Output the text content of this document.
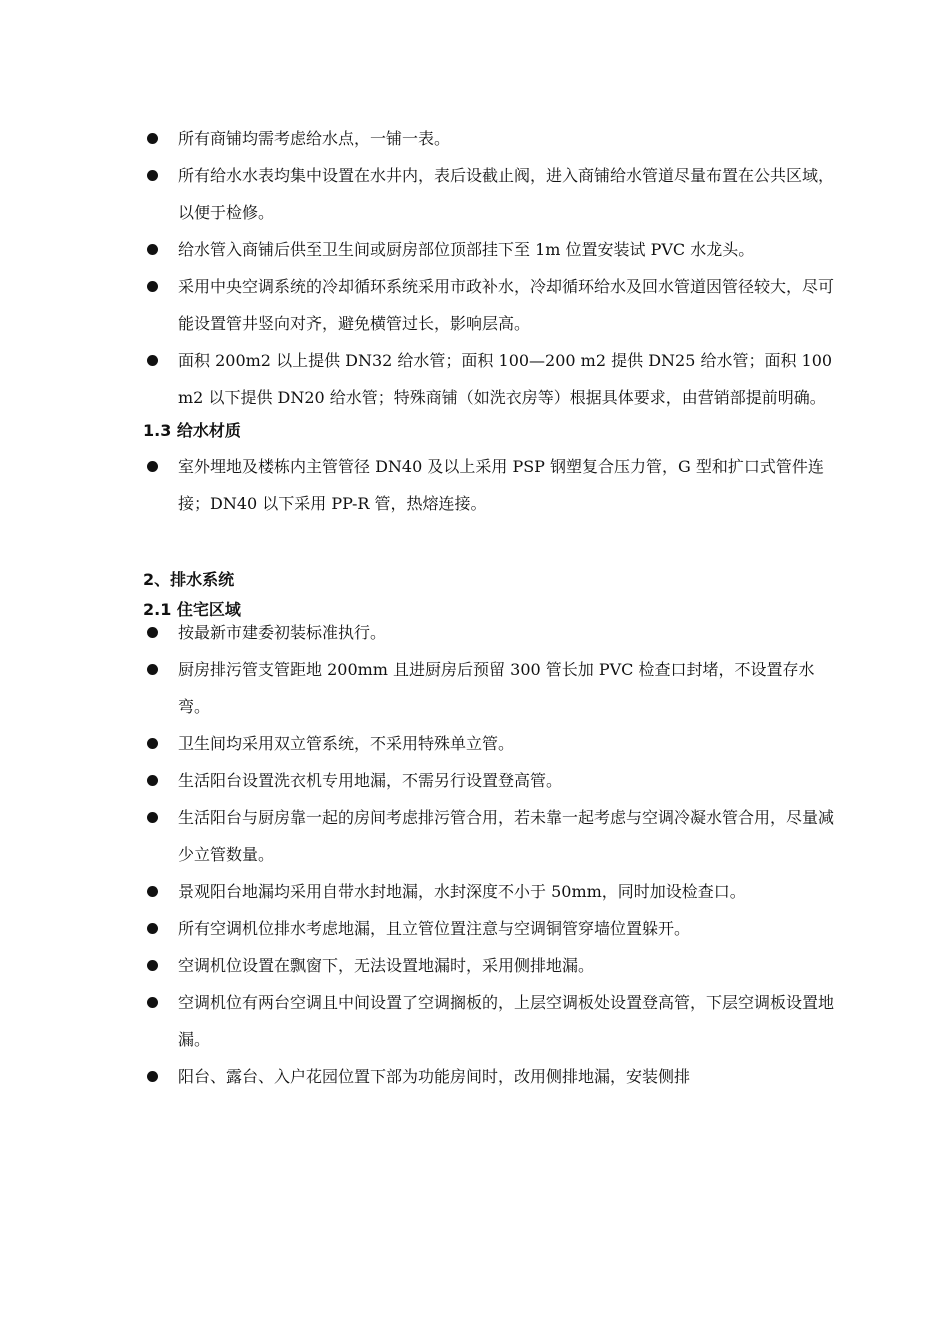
所有商铺均需考虑给水点，一铺一表。

所有给水水表均集中设置在水井内，表后设截止阀，进入商铺给水管道尽量布置在公共区域，以便于检修。

给水管入商铺后供至卫生间或厨房部位顶部挂下至 1m 位置安装试 PVC 水龙头。

采用中央空调系统的冷却循环系统采用市政补水，冷却循环给水及回水管道因管径较大，尽可能设置管井竖向对齐，避免横管过长，影响层高。

面积 200m2 以上提供 DN32 给水管；面积 100—200 m2 提供 DN25 给水管；面积 100 m2 以下提供 DN20 给水管；特殊商铺（如洗衣房等）根据具体要求，由营销部提前明确。

1.3 给水材质

室外埋地及楼栋内主管管径 DN40 及以上采用 PSP 钢塑复合压力管，G 型和扩口式管件连接；DN40 以下采用 PP-R 管，热熔连接。

2、排水系统
2.1 住宅区域

按最新市建委初装标准执行。

厨房排污管支管距地 200mm 且进厨房后预留 300 管长加 PVC 检查口封堵，不设置存水弯。

卫生间均采用双立管系统，不采用特殊单立管。

生活阳台设置洗衣机专用地漏，不需另行设置登高管。

生活阳台与厨房靠一起的房间考虑排污管合用，若未靠一起考虑与空调冷凝水管合用，尽量减少立管数量。

景观阳台地漏均采用自带水封地漏，水封深度不小于 50mm，同时加设检查口。

所有空调机位排水考虑地漏，且立管位置注意与空调铜管穿墙位置躲开。

空调机位设置在飘窗下，无法设置地漏时，采用侧排地漏。

空调机位有两台空调且中间设置了空调搁板的，上层空调板处设置登高管，下层空调板设置地漏。

阳台、露台、入户花园位置下部为功能房间时，改用侧排地漏，安装侧排
